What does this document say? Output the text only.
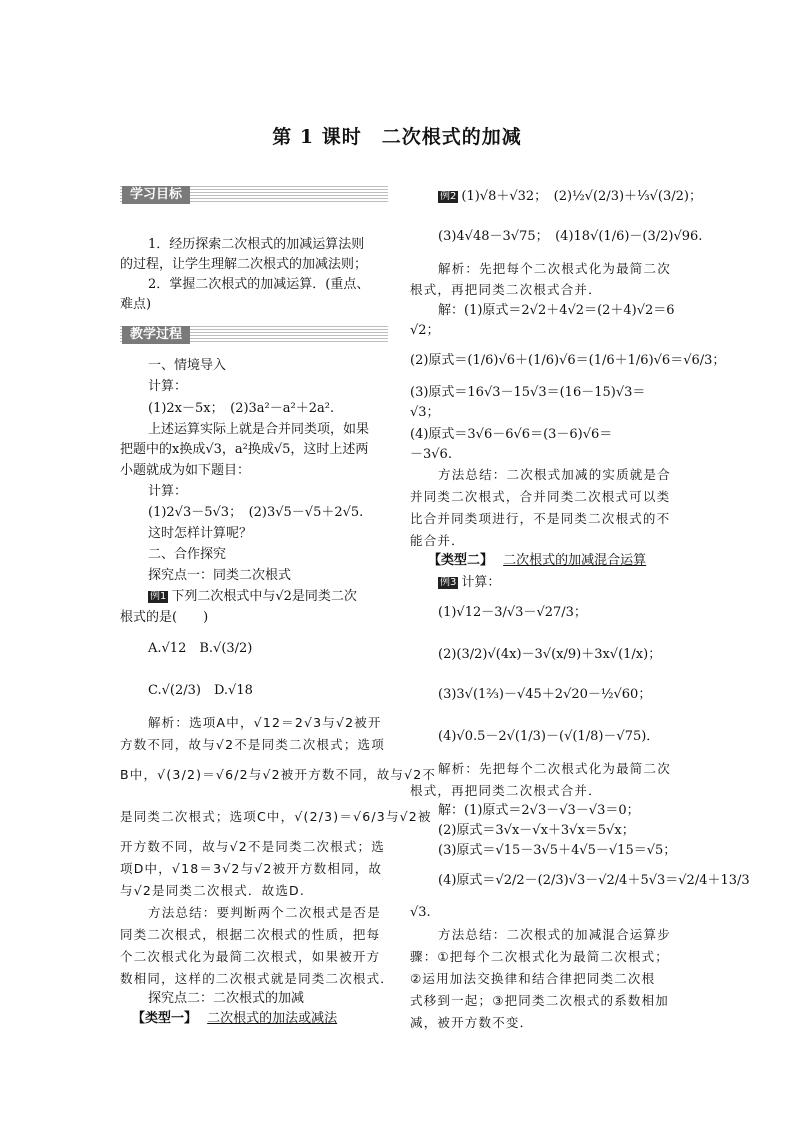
第 1 课时　二次根式的加减
学习目标
1．经历探索二次根式的加减运算法则
的过程，让学生理解二次根式的加减法则；
2．掌握二次根式的加减运算．(重点、
难点)
教学过程
一、情境导入
计算：
(1)2x－5x；　(2)3a²－a²＋2a².
上述运算实际上就是合并同类项，如果
把题中的x换成√3，a²换成√5，这时上述两
小题就成为如下题目：
计算：
(1)2√3－5√3；　(2)3√5－√5＋2√5.
这时怎样计算呢？
二、合作探究
探究点一：同类二次根式
例1 下列二次根式中与√2是同类二次
根式的是(　　)
A.√12　B.√(3/2)
C.√(2/3)　D.√18
解析：选项A中，√12＝2√3与√2被开
方数不同，故与√2不是同类二次根式；选项
B中，√(3/2)＝√6/2与√2被开方数不同，故与√2不
是同类二次根式；选项C中，√(2/3)＝√6/3与√2被
开方数不同，故与√2不是同类二次根式；选
项D中，√18＝3√2与√2被开方数相同，故
与√2是同类二次根式．故选D.
方法总结：要判断两个二次根式是否是
同类二次根式，根据二次根式的性质，把每
个二次根式化为最简二次根式，如果被开方
数相同，这样的二次根式就是同类二次根式．
探究点二：二次根式的加减
【类型一】 二次根式的加法或减法
例2 (1)√8＋√32；　(2)½√(2/3)＋⅓√(3/2)；
(3)4√48－3√75；　(4)18√(1/6)－(3/2)√96.
解析：先把每个二次根式化为最简二次
根式，再把同类二次根式合并．
解：(1)原式＝2√2＋4√2＝(2＋4)√2＝6
√2；
(2)原式＝(1/6)√6＋(1/6)√6＝(1/6＋1/6)√6＝√6/3；
(3)原式＝16√3－15√3＝(16－15)√3＝
√3；
(4)原式＝3√6－6√6＝(3－6)√6＝
－3√6.
方法总结：二次根式加减的实质就是合
并同类二次根式，合并同类二次根式可以类
比合并同类项进行，不是同类二次根式的不
能合并．
【类型二】 二次根式的加减混合运算
例3 计算：
(1)√12－3/√3－√27/3；
(2)(3/2)√(4x)－3√(x/9)＋3x√(1/x)；
(3)3√(1⅔)－√45＋2√20－½√60；
(4)√0.5－2√(1/3)－(√(1/8)－√75)．
解析：先把每个二次根式化为最简二次
根式，再把同类二次根式合并．
解：(1)原式＝2√3－√3－√3＝0；
(2)原式＝3√x－√x＋3√x＝5√x；
(3)原式＝√15－3√5＋4√5－√15＝√5；
(4)原式＝√2/2－(2/3)√3－√2/4＋5√3＝√2/4＋13/3
√3.
方法总结：二次根式的加减混合运算步
骤：①把每个二次根式化为最简二次根式；
②运用加法交换律和结合律把同类二次根
式移到一起；③把同类二次根式的系数相加
减，被开方数不变．
